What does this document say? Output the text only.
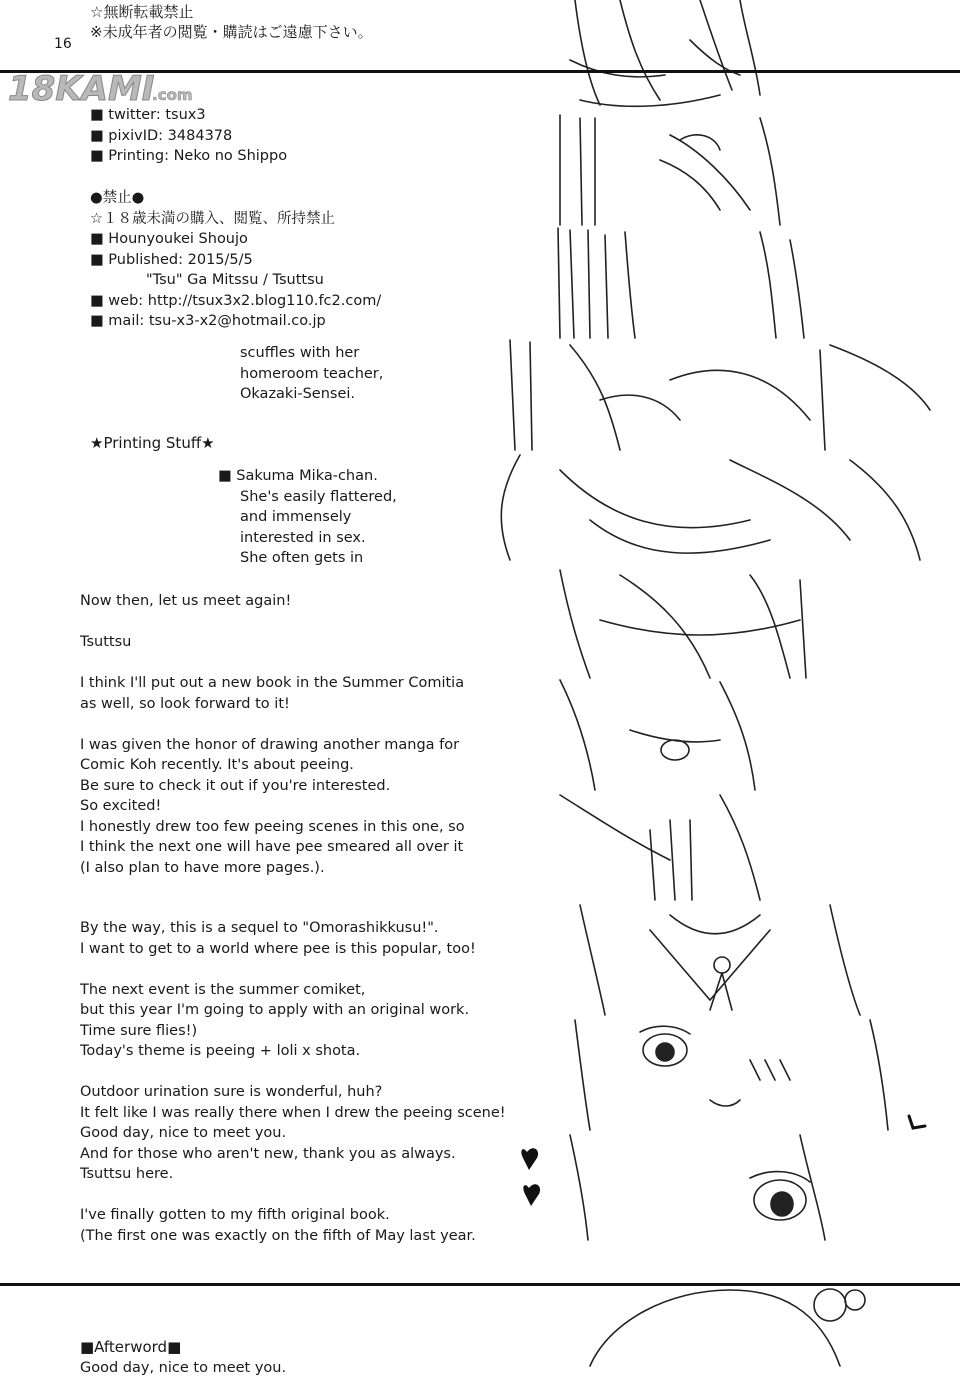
☆無断転載禁止
※未成年者の閲覧・購読はご遠慮下さい。
16
18KAMI
.com
■ twitter: tsux3
■ pixivID: 3484378
■ Printing: Neko no Shippo
●禁止●
☆１８歳未満の購入、閲覧、所持禁止
■ Hounyoukei Shoujo
■ Published: 2015/5/5
"Tsu" Ga Mitssu / Tsuttsu
■ web: http://tsux3x2.blog110.fc2.com/
■ mail: tsu-x3-x2@hotmail.co.jp
scuffles with her
homeroom teacher,
Okazaki-Sensei.
★Printing Stuff★
■ Sakuma Mika-chan.
She's easily flattered,
and immensely
interested in sex.
She often gets in
Now then, let us meet again!

Tsuttsu

I think I'll put out a new book in the Summer Comitia
as well, so look forward to it!

I was given the honor of drawing another manga for
Comic Koh recently. It's about peeing.
Be sure to check it out if you're interested.
So excited!
I honestly drew too few peeing scenes in this one, so
I think the next one will have pee smeared all over it
(I also plan to have more pages.).
By the way, this is a sequel to "Omorashikkusu!".
I want to get to a world where pee is this popular, too!

The next event is the summer comiket,
but this year I'm going to apply with an original work.
Time sure flies!)
Today's theme is peeing + loli x shota.

Outdoor urination sure is wonderful, huh?
It felt like I was really there when I drew the peeing scene!
Good day, nice to meet you.
And for those who aren't new, thank you as always.
Tsuttsu here.

I've finally gotten to my fifth original book.
(The first one was exactly on the fifth of May last year.
■Afterword■
Good day, nice to meet you.
